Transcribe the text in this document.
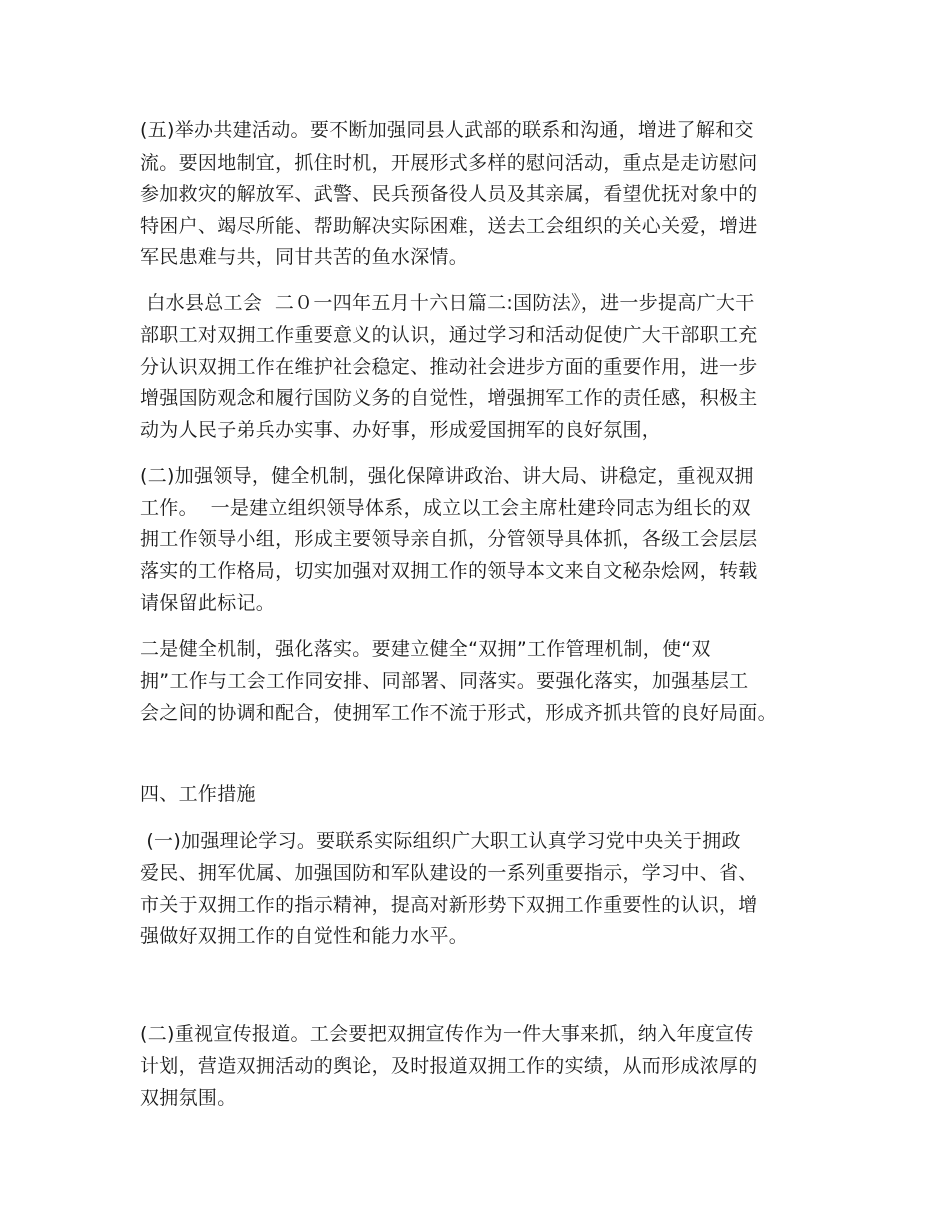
(五)举办共建活动。要不断加强同县人武部的联系和沟通，增进了解和交
流。要因地制宜，抓住时机，开展形式多样的慰问活动，重点是走访慰问
参加救灾的解放军、武警、民兵预备役人员及其亲属，看望优抚对象中的
特困户、竭尽所能、帮助解决实际困难，送去工会组织的关心关爱，增进
军民患难与共，同甘共苦的鱼水深情。
白水县总工会  二０一四年五月十六日篇二:国防法》，进一步提高广大干
部职工对双拥工作重要意义的认识，通过学习和活动促使广大干部职工充
分认识双拥工作在维护社会稳定、推动社会进步方面的重要作用，进一步
增强国防观念和履行国防义务的自觉性，增强拥军工作的责任感，积极主
动为人民子弟兵办实事、办好事，形成爱国拥军的良好氛围，
(二)加强领导，健全机制，强化保障讲政治、讲大局、讲稳定，重视双拥
工作。  一是建立组织领导体系，成立以工会主席杜建玲同志为组长的双
拥工作领导小组，形成主要领导亲自抓，分管领导具体抓，各级工会层层
落实的工作格局，切实加强对双拥工作的领导本文来自文秘杂烩网，转载
请保留此标记。
二是健全机制，强化落实。要建立健全“双拥”工作管理机制，使“双
拥”工作与工会工作同安排、同部署、同落实。要强化落实，加强基层工
会之间的协调和配合，使拥军工作不流于形式，形成齐抓共管的良好局面。
四、工作措施
(一)加强理论学习。要联系实际组织广大职工认真学习党中央关于拥政
爱民、拥军优属、加强国防和军队建设的一系列重要指示，学习中、省、
市关于双拥工作的指示精神，提高对新形势下双拥工作重要性的认识，增
强做好双拥工作的自觉性和能力水平。
(二)重视宣传报道。工会要把双拥宣传作为一件大事来抓，纳入年度宣传
计划，营造双拥活动的舆论，及时报道双拥工作的实绩，从而形成浓厚的
双拥氛围。
